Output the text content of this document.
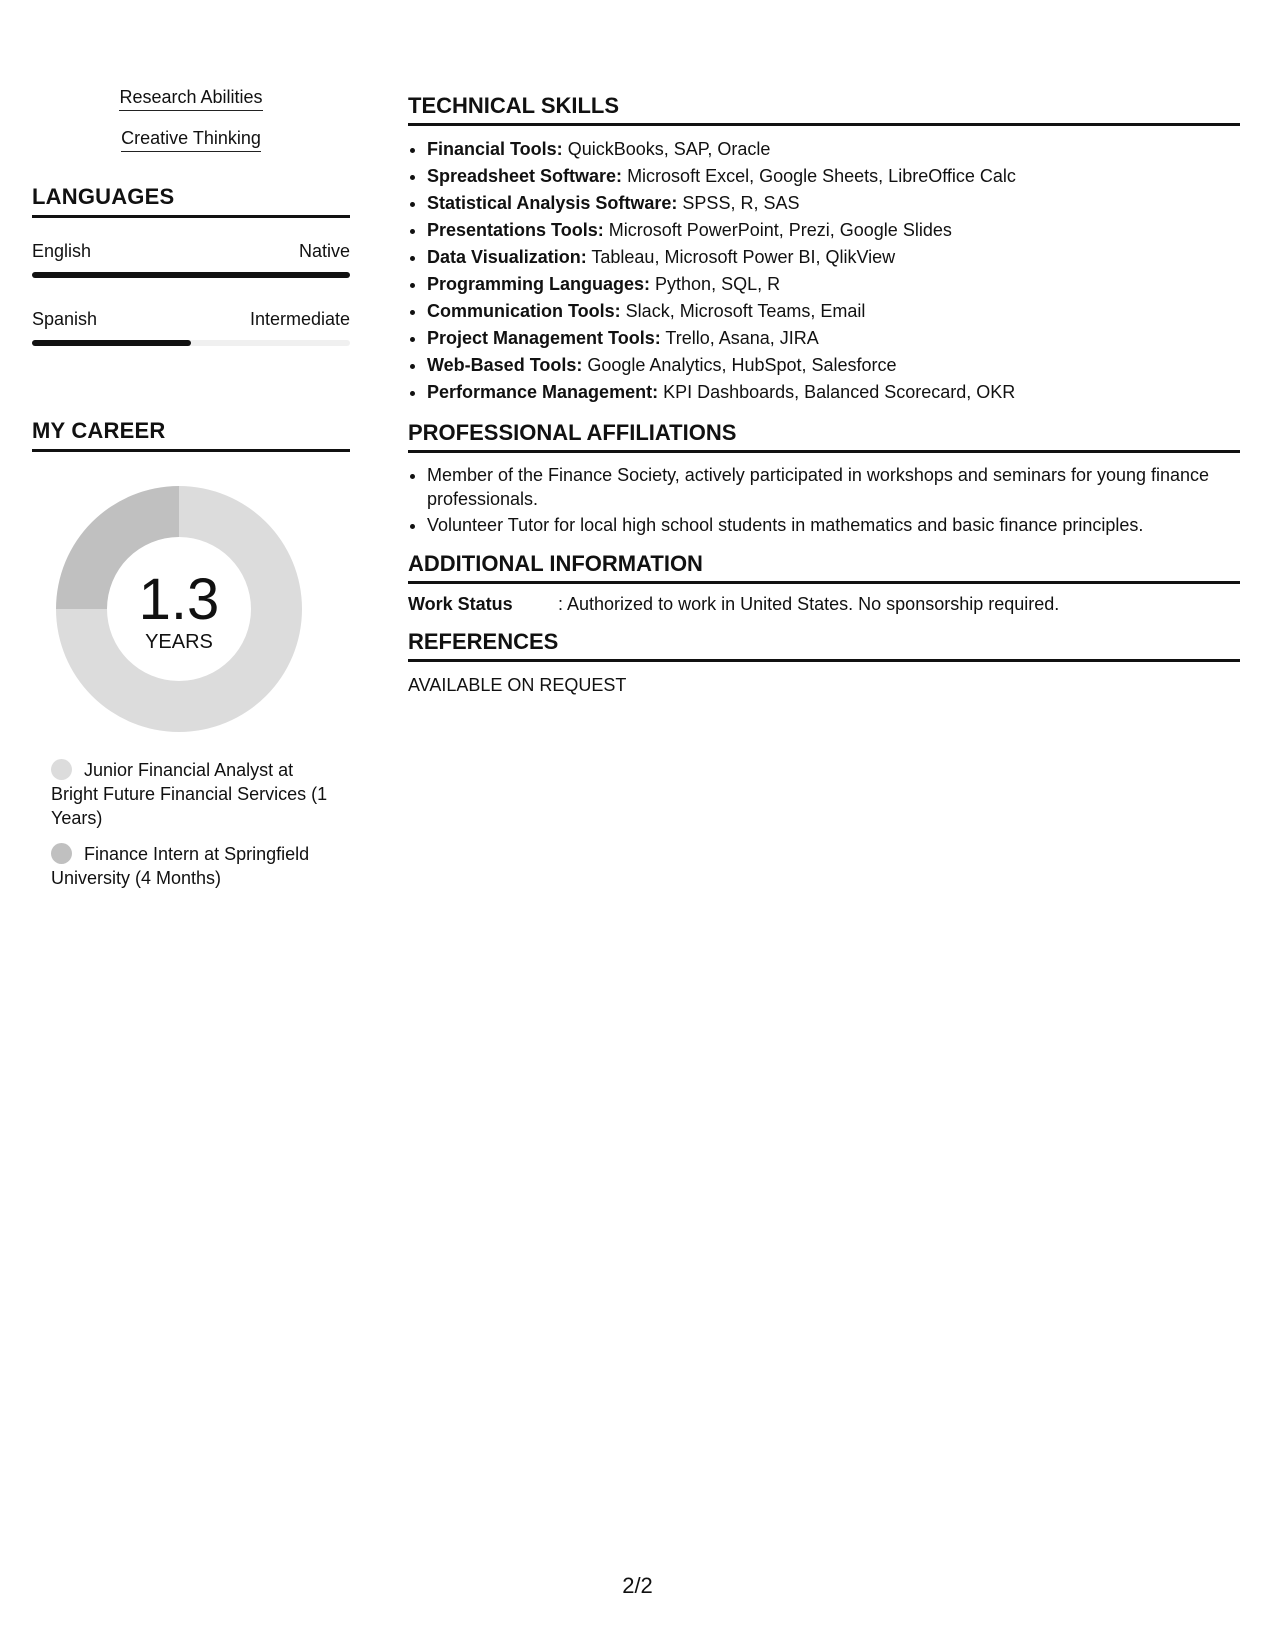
Research Abilities
Creative Thinking
LANGUAGES
English	Native
Spanish	Intermediate
MY CAREER
1.3
YEARS
Junior Financial Analyst at Bright Future Financial Services (1 Years)
Finance Intern at Springfield University (4 Months)
TECHNICAL SKILLS
• Financial Tools: QuickBooks, SAP, Oracle
• Spreadsheet Software: Microsoft Excel, Google Sheets, LibreOffice Calc
• Statistical Analysis Software: SPSS, R, SAS
• Presentations Tools: Microsoft PowerPoint, Prezi, Google Slides
• Data Visualization: Tableau, Microsoft Power BI, QlikView
• Programming Languages: Python, SQL, R
• Communication Tools: Slack, Microsoft Teams, Email
• Project Management Tools: Trello, Asana, JIRA
• Web-Based Tools: Google Analytics, HubSpot, Salesforce
• Performance Management: KPI Dashboards, Balanced Scorecard, OKR
PROFESSIONAL AFFILIATIONS
• Member of the Finance Society, actively participated in workshops and seminars for young finance professionals.
• Volunteer Tutor for local high school students in mathematics and basic finance principles.
ADDITIONAL INFORMATION
Work Status	: Authorized to work in United States. No sponsorship required.
REFERENCES
AVAILABLE ON REQUEST
2/2
